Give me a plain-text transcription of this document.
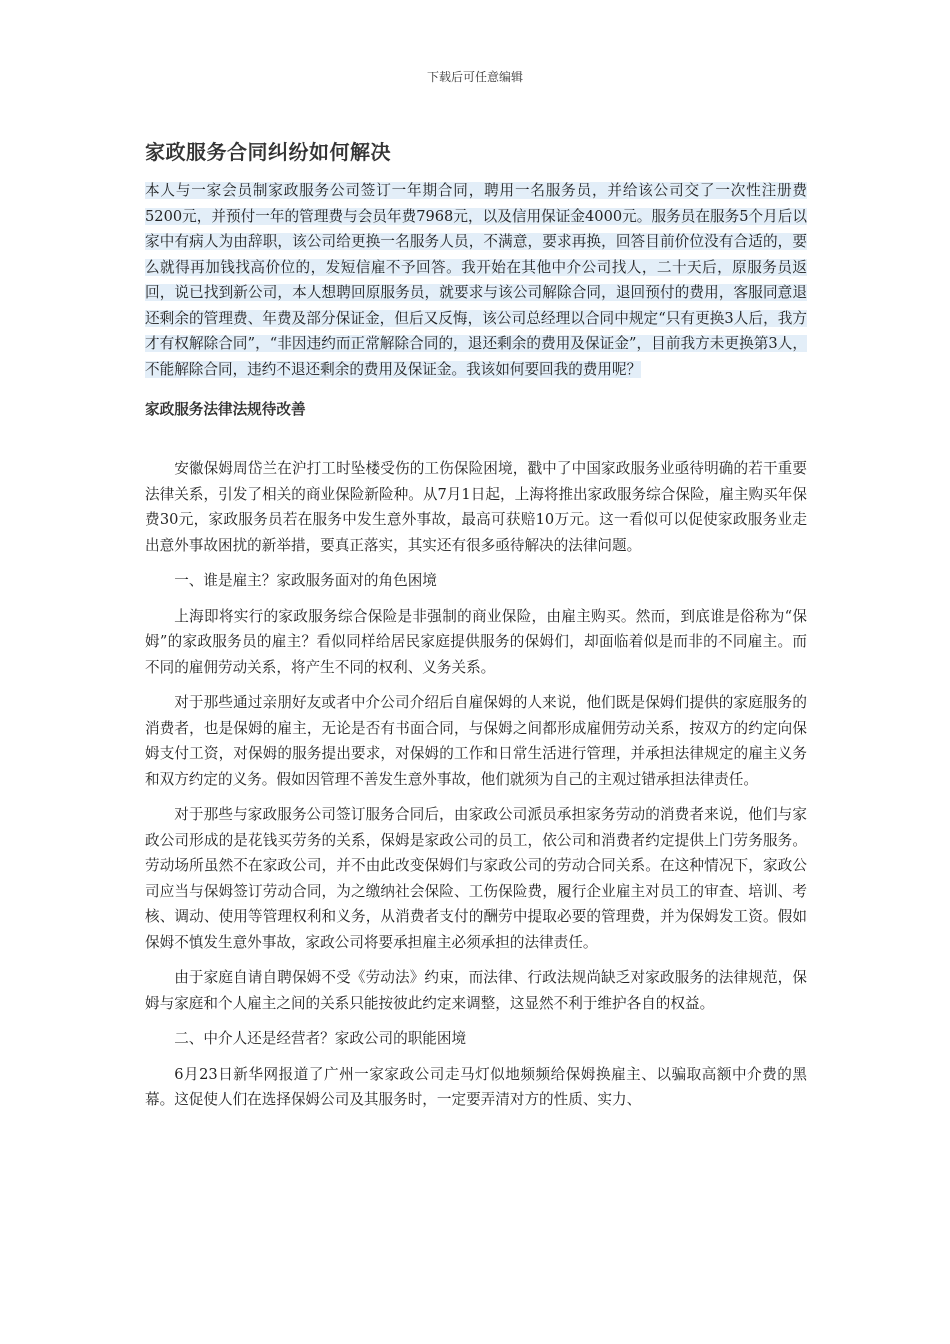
下载后可任意编辑
家政服务合同纠纷如何解决

本人与一家会员制家政服务公司签订一年期合同，聘用一名服务员，并给该公司交了一次性注册费5200元，并预付一年的管理费与会员年费7968元，以及信用保证金4000元。服务员在服务5个月后以家中有病人为由辞职，该公司给更换一名服务人员，不满意，要求再换，回答目前价位没有合适的，要么就得再加钱找高价位的，发短信雇不予回答。我开始在其他中介公司找人，二十天后，原服务员返回，说已找到新公司，本人想聘回原服务员，就要求与该公司解除合同，退回预付的费用，客服同意退还剩余的管理费、年费及部分保证金，但后又反悔，该公司总经理以合同中规定“只有更换3人后，我方才有权解除合同”，“非因违约而正常解除合同的，退还剩余的费用及保证金”，目前我方未更换第3人，不能解除合同，违约不退还剩余的费用及保证金。我该如何要回我的费用呢？

家政服务法律法规待改善

安徽保姆周岱兰在沪打工时坠楼受伤的工伤保险困境，戳中了中国家政服务业亟待明确的若干重要法律关系，引发了相关的商业保险新险种。从7月1日起，上海将推出家政服务综合保险，雇主购买年保费30元，家政服务员若在服务中发生意外事故，最高可获赔10万元。这一看似可以促使家政服务业走出意外事故困扰的新举措，要真正落实，其实还有很多亟待解决的法律问题。

一、谁是雇主？家政服务面对的角色困境

上海即将实行的家政服务综合保险是非强制的商业保险，由雇主购买。然而，到底谁是俗称为“保姆”的家政服务员的雇主？看似同样给居民家庭提供服务的保姆们，却面临着似是而非的不同雇主。而不同的雇佣劳动关系，将产生不同的权利、义务关系。

对于那些通过亲朋好友或者中介公司介绍后自雇保姆的人来说，他们既是保姆们提供的家庭服务的消费者，也是保姆的雇主，无论是否有书面合同，与保姆之间都形成雇佣劳动关系，按双方的约定向保姆支付工资，对保姆的服务提出要求，对保姆的工作和日常生活进行管理，并承担法律规定的雇主义务和双方约定的义务。假如因管理不善发生意外事故，他们就须为自己的主观过错承担法律责任。

对于那些与家政服务公司签订服务合同后，由家政公司派员承担家务劳动的消费者来说，他们与家政公司形成的是花钱买劳务的关系，保姆是家政公司的员工，依公司和消费者约定提供上门劳务服务。劳动场所虽然不在家政公司，并不由此改变保姆们与家政公司的劳动合同关系。在这种情况下，家政公司应当与保姆签订劳动合同，为之缴纳社会保险、工伤保险费，履行企业雇主对员工的审查、培训、考核、调动、使用等管理权利和义务，从消费者支付的酬劳中提取必要的管理费，并为保姆发工资。假如保姆不慎发生意外事故，家政公司将要承担雇主必须承担的法律责任。

由于家庭自请自聘保姆不受《劳动法》约束，而法律、行政法规尚缺乏对家政服务的法律规范，保姆与家庭和个人雇主之间的关系只能按彼此约定来调整，这显然不利于维护各自的权益。

二、中介人还是经营者？家政公司的职能困境

6月23日新华网报道了广州一家家政公司走马灯似地频频给保姆换雇主、以骗取高额中介费的黑幕。这促使人们在选择保姆公司及其服务时，一定要弄清对方的性质、实力、
